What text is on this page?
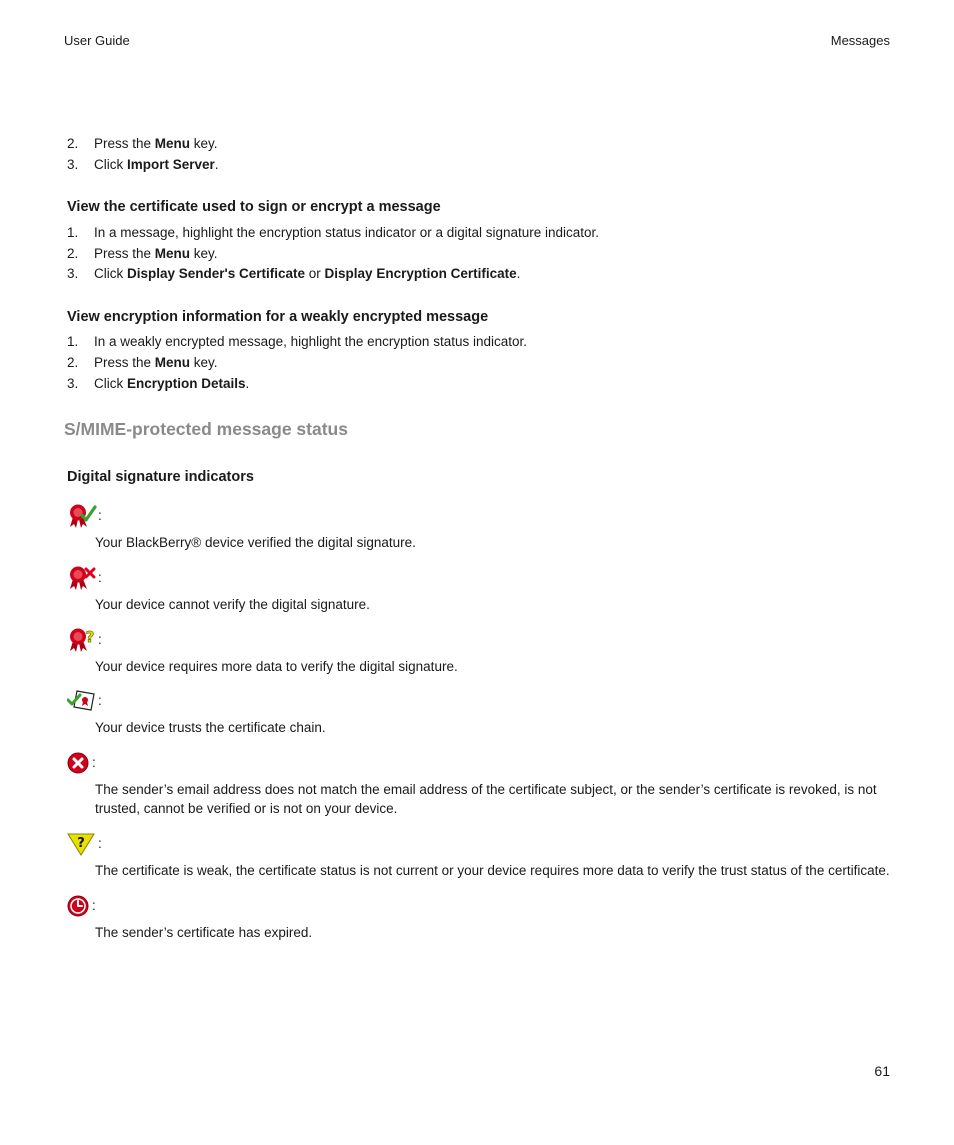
User Guide	Messages
2. Press the Menu key.
3. Click Import Server.
View the certificate used to sign or encrypt a message
1. In a message, highlight the encryption status indicator or a digital signature indicator.
2. Press the Menu key.
3. Click Display Sender's Certificate or Display Encryption Certificate.
View encryption information for a weakly encrypted message
1. In a weakly encrypted message, highlight the encryption status indicator.
2. Press the Menu key.
3. Click Encryption Details.
S/MIME-protected message status
Digital signature indicators
:
Your BlackBerry® device verified the digital signature.
:
Your device cannot verify the digital signature.
? :
Your device requires more data to verify the digital signature.
:
Your device trusts the certificate chain.
:
The sender’s email address does not match the email address of the certificate subject, or the sender’s certificate is revoked, is not trusted, cannot be verified or is not on your device.
? :
The certificate is weak, the certificate status is not current or your device requires more data to verify the trust status of the certificate.
:
The sender’s certificate has expired.
61
